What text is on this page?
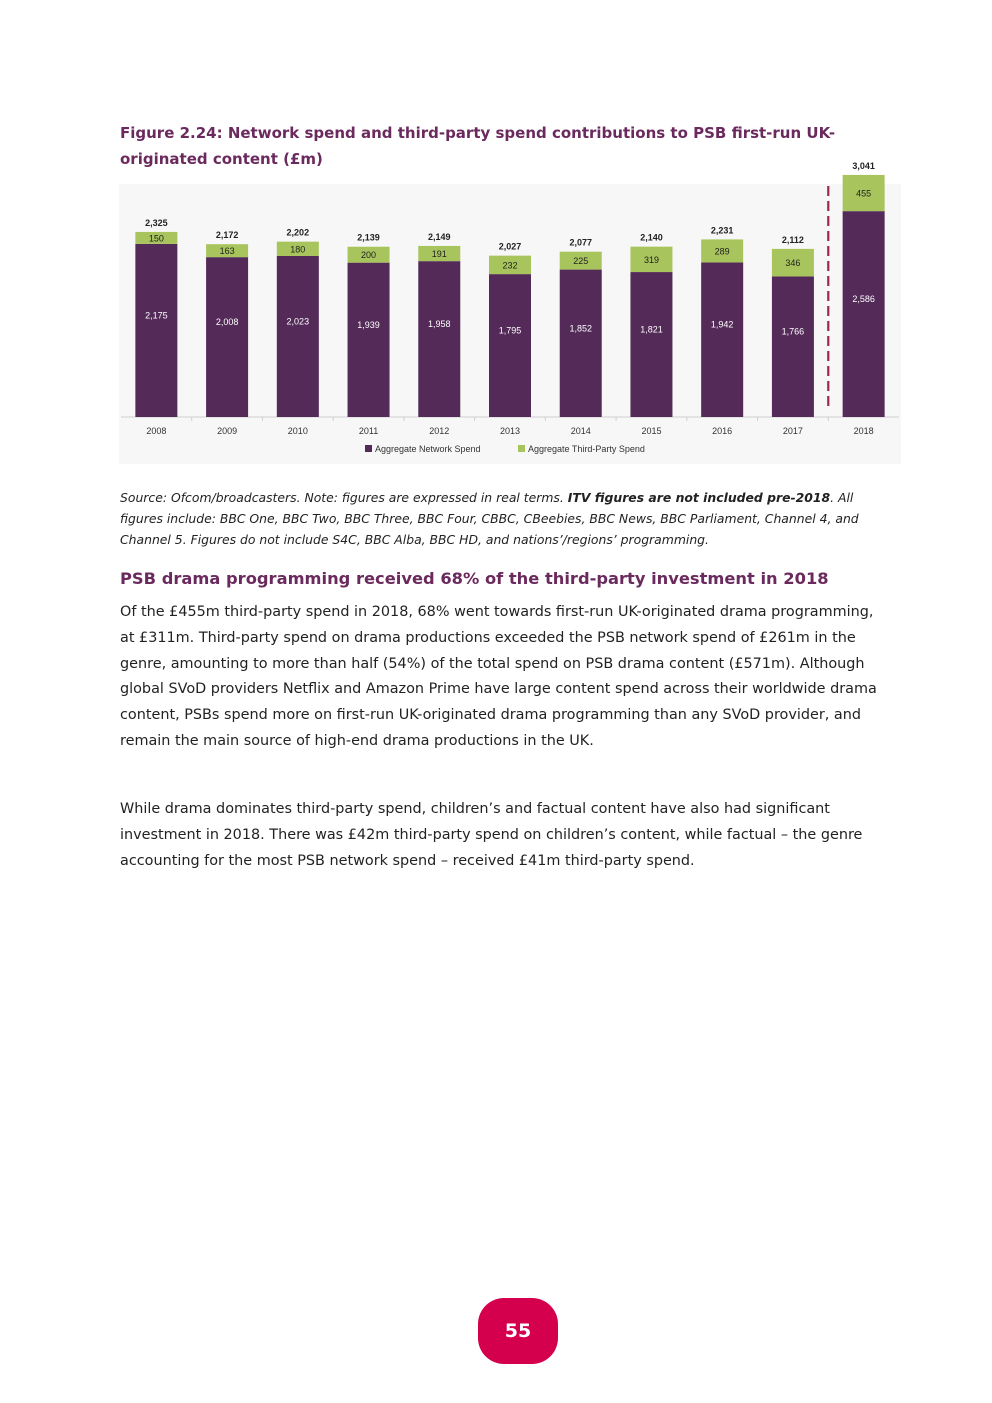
Figure 2.24: Network spend and third-party spend contributions to PSB first-run UK-originated content (£m)
2,175
150
2,325
2008
2,008
163
2,172
2009
2,023
180
2,202
2010
1,939
200
2,139
2011
1,958
191
2,149
2012
1,795
232
2,027
2013
1,852
225
2,077
2014
1,821
319
2,140
2015
1,942
289
2,231
2016
1,766
346
2,112
2017
2,586
455
3,041
2018
Aggregate Network Spend	Aggregate Third-Party Spend

Source: Ofcom/broadcasters. Note: figures are expressed in real terms. ITV figures are not included pre-2018. All figures include: BBC One, BBC Two, BBC Three, BBC Four, CBBC, CBeebies, BBC News, BBC Parliament, Channel 4, and Channel 5. Figures do not include S4C, BBC Alba, BBC HD, and nations’/regions’ programming.

PSB drama programming received 68% of the third-party investment in 2018

Of the £455m third-party spend in 2018, 68% went towards first-run UK-originated drama programming, at £311m. Third-party spend on drama productions exceeded the PSB network spend of £261m in the genre, amounting to more than half (54%) of the total spend on PSB drama content (£571m). Although global SVoD providers Netflix and Amazon Prime have large content spend across their worldwide drama content, PSBs spend more on first-run UK-originated drama programming than any SVoD provider, and remain the main source of high-end drama productions in the UK.

While drama dominates third-party spend, children’s and factual content have also had significant investment in 2018. There was £42m third-party spend on children’s content, while factual – the genre accounting for the most PSB network spend – received £41m third-party spend.

55
